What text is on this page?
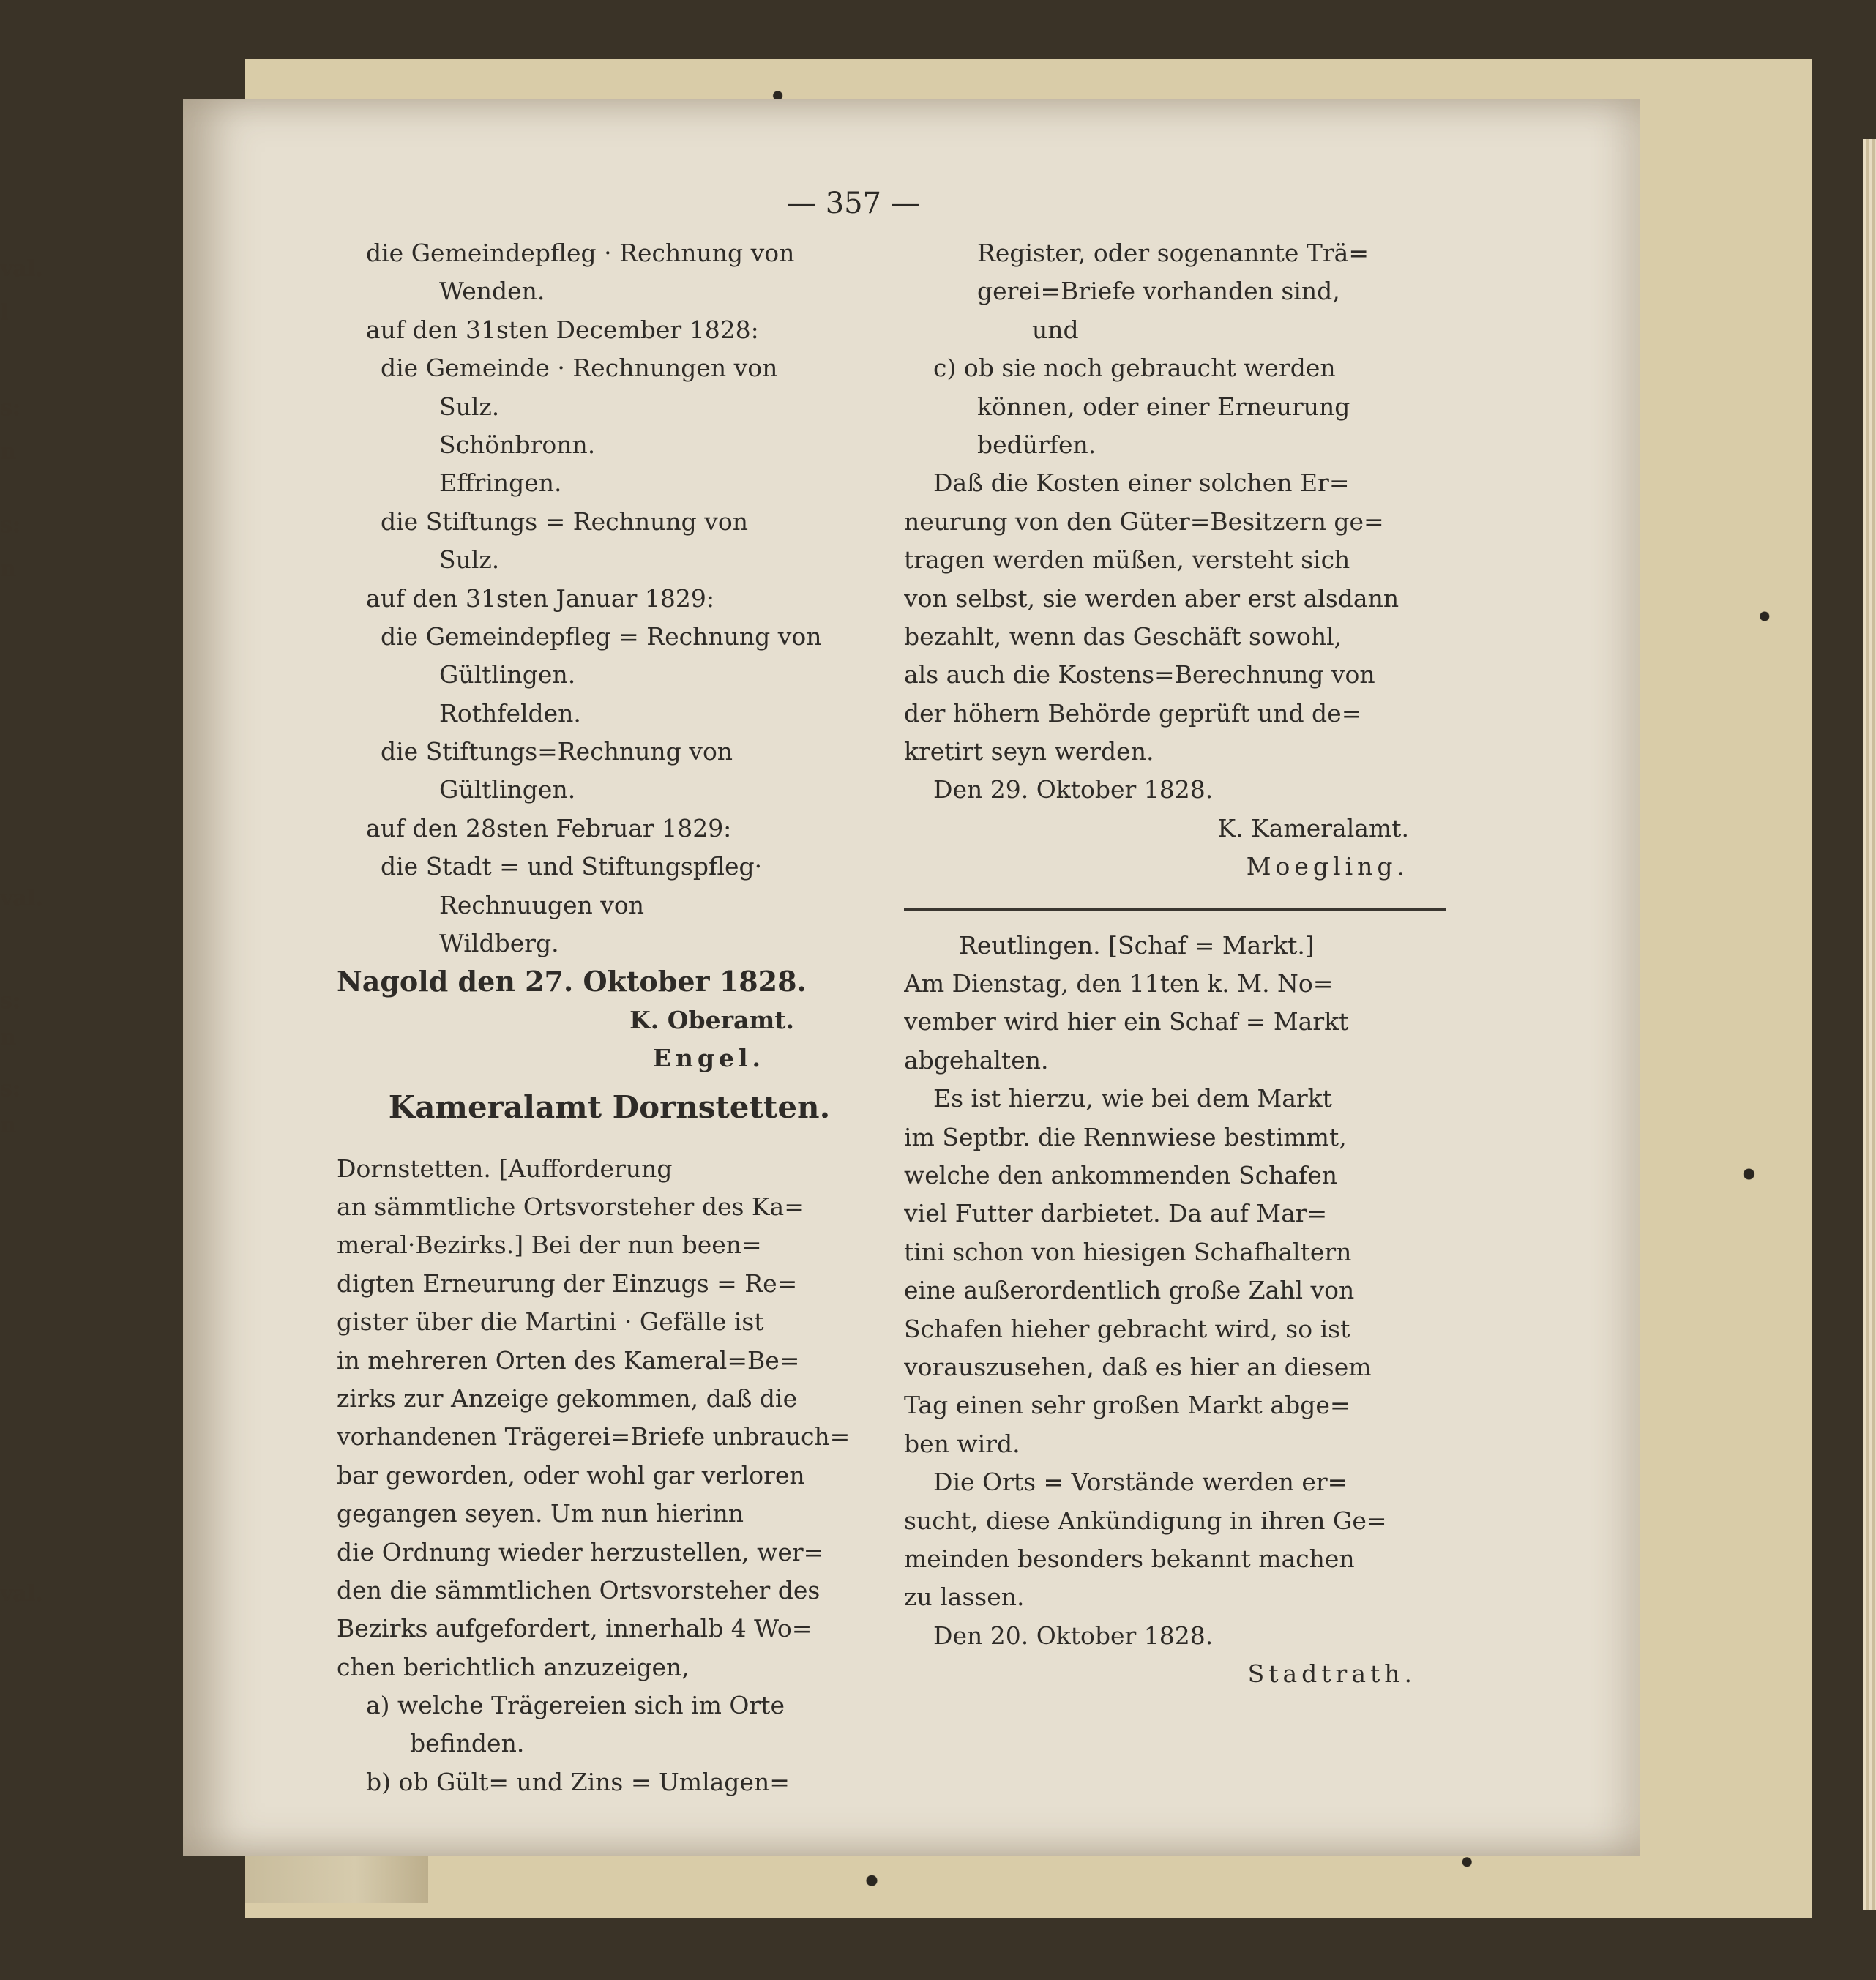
val.
l
s:
n
s:
n
val.
s:
n
s:
n
val.
— 357 —
die Gemeindepfleg · Rechnung von
Wenden.
auf den 31sten December 1828:
die Gemeinde · Rechnungen von
Sulz.
Schönbronn.
Effringen.
die Stiftungs = Rechnung von
Sulz.
auf den 31sten Januar 1829:
die Gemeindepfleg = Rechnung von
Gültlingen.
Rothfelden.
die Stiftungs=Rechnung von
Gültlingen.
auf den 28sten Februar 1829:
die Stadt = und Stiftungspfleg·
Rechnuugen von
Wildberg.
Nagold den 27. Oktober 1828.
K. Oberamt.
Engel.
Kameralamt Dornstetten.
Dornstetten. [Aufforderung
an sämmtliche Ortsvorsteher des Ka=
meral·Bezirks.] Bei der nun been=
digten Erneurung der Einzugs = Re=
gister über die Martini · Gefälle ist
in mehreren Orten des Kameral=Be=
zirks zur Anzeige gekommen, daß die
vorhandenen Trägerei=Briefe unbrauch=
bar geworden, oder wohl gar verloren
gegangen seyen. Um nun hierinn
die Ordnung wieder herzustellen, wer=
den die sämmtlichen Ortsvorsteher des
Bezirks aufgefordert, innerhalb 4 Wo=
chen berichtlich anzuzeigen,
a) welche Trägereien sich im Orte
befinden.
b) ob Gült= und Zins = Umlagen=
Register, oder sogenannte Trä=
gerei=Briefe vorhanden sind,
und
c) ob sie noch gebraucht werden
können, oder einer Erneurung
bedürfen.
Daß die Kosten einer solchen Er=
neurung von den Güter=Besitzern ge=
tragen werden müßen, versteht sich
von selbst, sie werden aber erst alsdann
bezahlt, wenn das Geschäft sowohl,
als auch die Kostens=Berechnung von
der höhern Behörde geprüft und de=
kretirt seyn werden.
Den 29. Oktober 1828.
K. Kameralamt.
Moegling.
Reutlingen. [Schaf = Markt.]
Am Dienstag, den 11ten k. M. No=
vember wird hier ein Schaf = Markt
abgehalten.
Es ist hierzu, wie bei dem Markt
im Septbr. die Rennwiese bestimmt,
welche den ankommenden Schafen
viel Futter darbietet. Da auf Mar=
tini schon von hiesigen Schafhaltern
eine außerordentlich große Zahl von
Schafen hieher gebracht wird, so ist
vorauszusehen, daß es hier an diesem
Tag einen sehr großen Markt abge=
ben wird.
Die Orts = Vorstände werden er=
sucht, diese Ankündigung in ihren Ge=
meinden besonders bekannt machen
zu lassen.
Den 20. Oktober 1828.
Stadtrath.
